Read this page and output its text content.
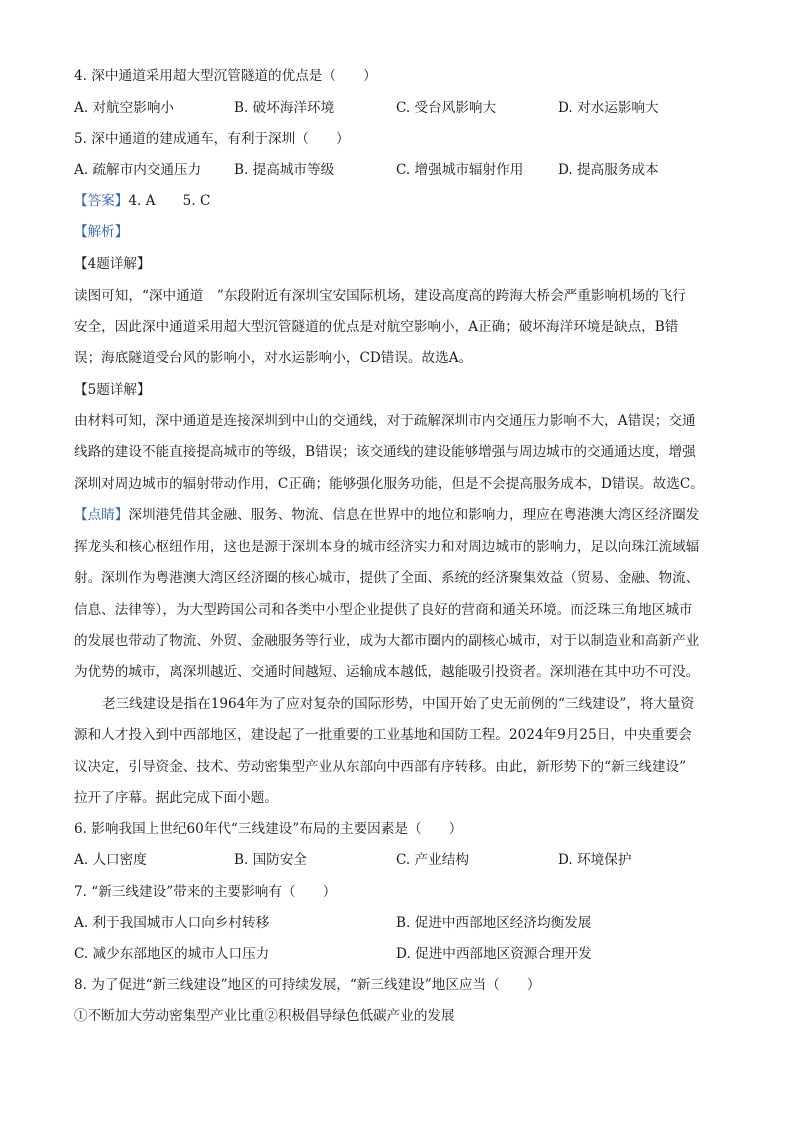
4. 深中通道采用超大型沉管隧道的优点是（　　）
A. 对航空影响小	B. 破坏海洋环境	C. 受台风影响大	D. 对水运影响大
5. 深中通道的建成通车，有利于深圳（　　）
A. 疏解市内交通压力 B. 提高城市等级	C. 增强城市辐射作用	D. 提高服务成本
【答案】4. A　　5. C
【解析】
【4题详解】
读图可知，“深中通道　”东段附近有深圳宝安国际机场，建设高度高的跨海大桥会严重影响机场的飞行
安全，因此深中通道采用超大型沉管隧道的优点是对航空影响小，A正确；破坏海洋环境是缺点，B错
误；海底隧道受台风的影响小，对水运影响小，CD错误。故选A。
【5题详解】
由材料可知，深中通道是连接深圳到中山的交通线，对于疏解深圳市内交通压力影响不大，A错误；交通
线路的建设不能直接提高城市的等级，B错误；该交通线的建设能够增强与周边城市的交通通达度，增强
深圳对周边城市的辐射带动作用，C正确；能够强化服务功能，但是不会提高服务成本，D错误。故选C。
【点睛】深圳港凭借其金融、服务、物流、信息在世界中的地位和影响力，理应在粤港澳大湾区经济圈发
挥龙头和核心枢纽作用，这也是源于深圳本身的城市经济实力和对周边城市的影响力，足以向珠江流域辐
射。深圳作为粤港澳大湾区经济圈的核心城市，提供了全面、系统的经济聚集效益（贸易、金融、物流、
信息、法律等），为大型跨国公司和各类中小型企业提供了良好的营商和通关环境。而泛珠三角地区城市
的发展也带动了物流、外贸、金融服务等行业，成为大都市圈内的副核心城市，对于以制造业和高新产业
为优势的城市，离深圳越近、交通时间越短、运输成本越低，越能吸引投资者。深圳港在其中功不可没。
老三线建设是指在1964年为了应对复杂的国际形势，中国开始了史无前例的“三线建设”，将大量资
源和人才投入到中西部地区，建设起了一批重要的工业基地和国防工程。2024年9月25日，中央重要会
议决定，引导资金、技术、劳动密集型产业从东部向中西部有序转移。由此，新形势下的“新三线建设”
拉开了序幕。据此完成下面小题。
6. 影响我国上世纪60年代“三线建设”布局的主要因素是（　　）
A. 人口密度	B. 国防安全	C. 产业结构	D. 环境保护
7. “新三线建设”带来的主要影响有（　　）
A. 利于我国城市人口向乡村转移	B. 促进中西部地区经济均衡发展
C. 减少东部地区的城市人口压力	D. 促进中西部地区资源合理开发
8. 为了促进“新三线建设”地区的可持续发展，“新三线建设”地区应当（　　）
①不断加大劳动密集型产业比重②积极倡导绿色低碳产业的发展
